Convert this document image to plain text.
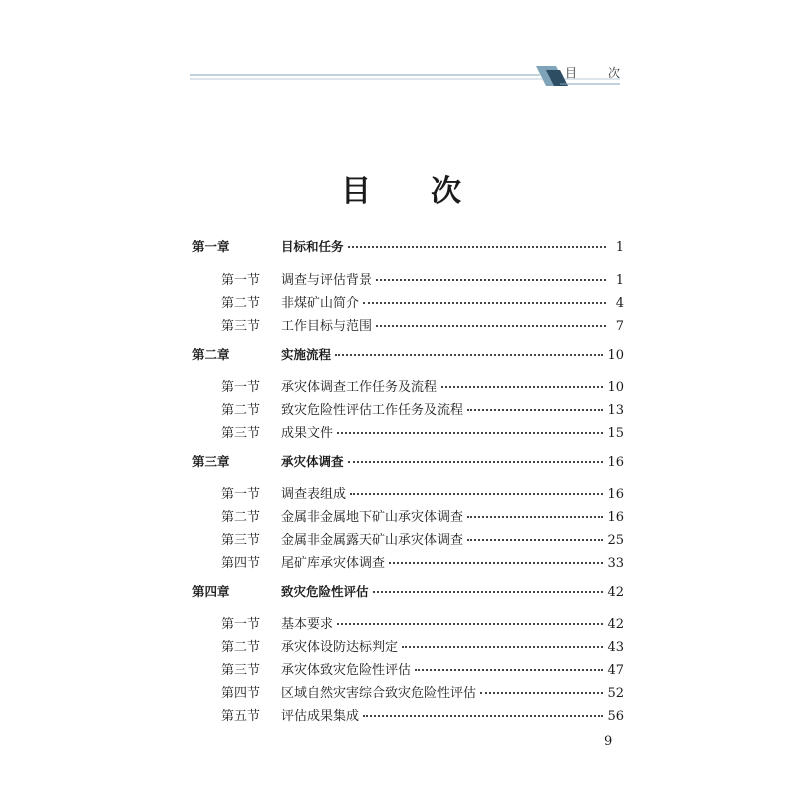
目	次
目 次
第一章	目标和任务	1
第一节	调查与评估背景	1
第二节	非煤矿山简介	4
第三节	工作目标与范围	7
第二章	实施流程	10
第一节	承灾体调查工作任务及流程	10
第二节	致灾危险性评估工作任务及流程	13
第三节	成果文件	15
第三章	承灾体调查	16
第一节	调查表组成	16
第二节	金属非金属地下矿山承灾体调查	16
第三节	金属非金属露天矿山承灾体调查	25
第四节	尾矿库承灾体调查	33
第四章	致灾危险性评估	42
第一节	基本要求	42
第二节	承灾体设防达标判定	43
第三节	承灾体致灾危险性评估	47
第四节	区域自然灾害综合致灾危险性评估	52
第五节	评估成果集成	56
9
